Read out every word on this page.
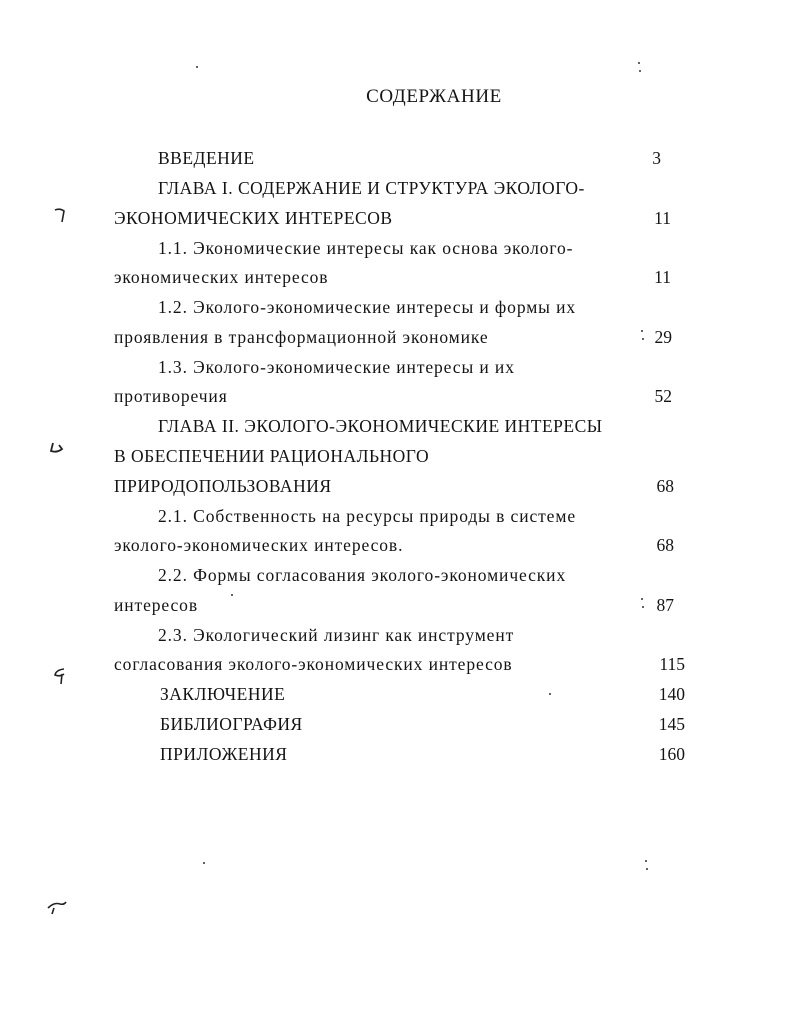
СОДЕРЖАНИЕ
ВВЕДЕНИЕ	3
ГЛАВА I. СОДЕРЖАНИЕ И СТРУКТУРА ЭКОЛОГО-
ЭКОНОМИЧЕСКИХ ИНТЕРЕСОВ	11
1.1. Экономические интересы как основа эколого-
экономических интересов	11
1.2. Эколого-экономические интересы и формы их
проявления в трансформационной экономике	29
1.3. Эколого-экономические интересы и их
противоречия	52
ГЛАВА II. ЭКОЛОГО-ЭКОНОМИЧЕСКИЕ ИНТЕРЕСЫ
В ОБЕСПЕЧЕНИИ РАЦИОНАЛЬНОГО
ПРИРОДОПОЛЬЗОВАНИЯ	68
2.1. Собственность на ресурсы природы в системе
эколого-экономических интересов.	68
2.2. Формы согласования эколого-экономических
интересов	87
2.3. Экологический лизинг как инструмент
согласования эколого-экономических интересов	115
ЗАКЛЮЧЕНИЕ	140
БИБЛИОГРАФИЯ	145
ПРИЛОЖЕНИЯ	160
